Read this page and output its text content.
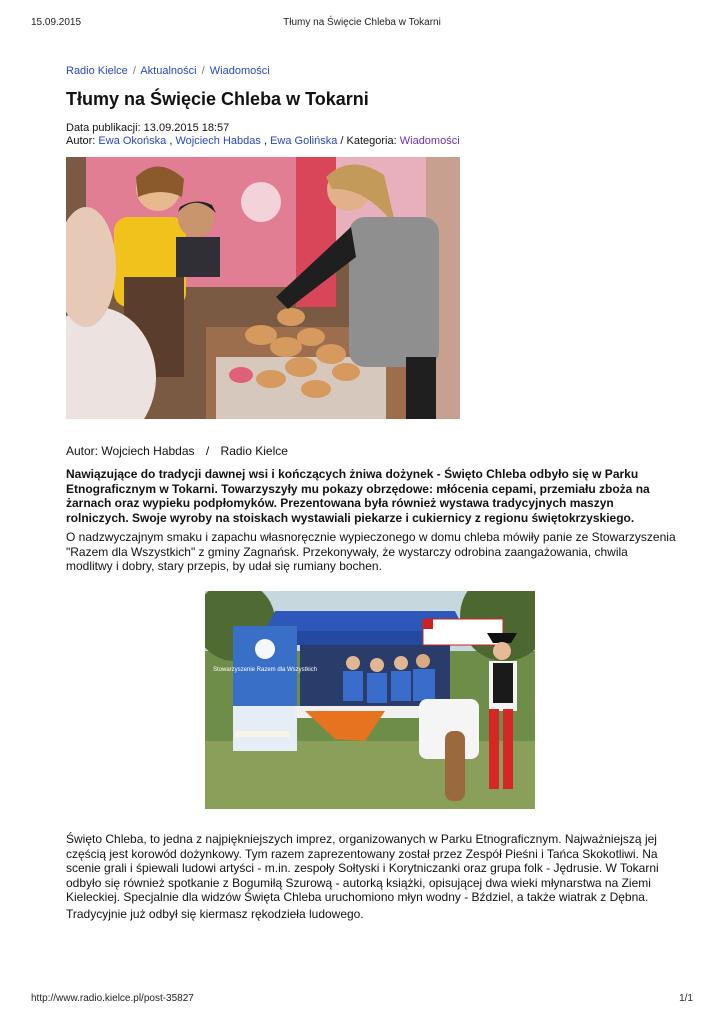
15.09.2015	Tłumy na Święcie Chleba w Tokarni
Radio Kielce / Aktualności / Wiadomości
Tłumy na Święcie Chleba w Tokarni
Data publikacji: 13.09.2015 18:57
Autor: Ewa Okońska , Wojciech Habdas , Ewa Golińska / Kategoria: Wiadomości
Autor: Wojciech Habdas / Radio Kielce

Nawiązujące do tradycji dawnej wsi i kończących żniwa dożynek - Święto Chleba odbyło się w Parku Etnograficznym w Tokarni. Towarzyszyły mu pokazy obrzędowe: młócenia cepami, przemiału zboża na żarnach oraz wypieku podpłomyków. Prezentowana była również wystawa tradycyjnych maszyn rolniczych. Swoje wyroby na stoiskach wystawiali piekarze i cukiernicy z regionu świętokrzyskiego.

O nadzwyczajnym smaku i zapachu własnoręcznie wypieczonego w domu chleba mówiły panie ze Stowarzyszenia "Razem dla Wszystkich" z gminy Zagnańsk. Przekonywały, że wystarczy odrobina zaangażowania, chwila modlitwy i dobry, stary przepis, by udał się rumiany bochen.

Stowarzyszenie Razem dla Wszystkich

Święto Chleba, to jedna z najpiękniejszych imprez, organizowanych w Parku Etnograficznym. Najważniejszą jej częścią jest korowód dożynkowy. Tym razem zaprezentowany został przez Zespół Pieśni i Tańca Skokotliwi. Na scenie grali i śpiewali ludowi artyści - m.in. zespoły Sołtyski i Korytniczanki oraz grupa folk - Jędrusie. W Tokarni odbyło się również spotkanie z Bogumiłą Szurową - autorką książki, opisującej dwa wieki młynarstwa na Ziemi Kieleckiej. Specjalnie dla widzów Święta Chleba uruchomiono młyn wodny - Bździel, a także wiatrak z Dębna.

Tradycyjnie już odbył się kiermasz rękodzieła ludowego.

http://www.radio.kielce.pl/post-35827	1/1
